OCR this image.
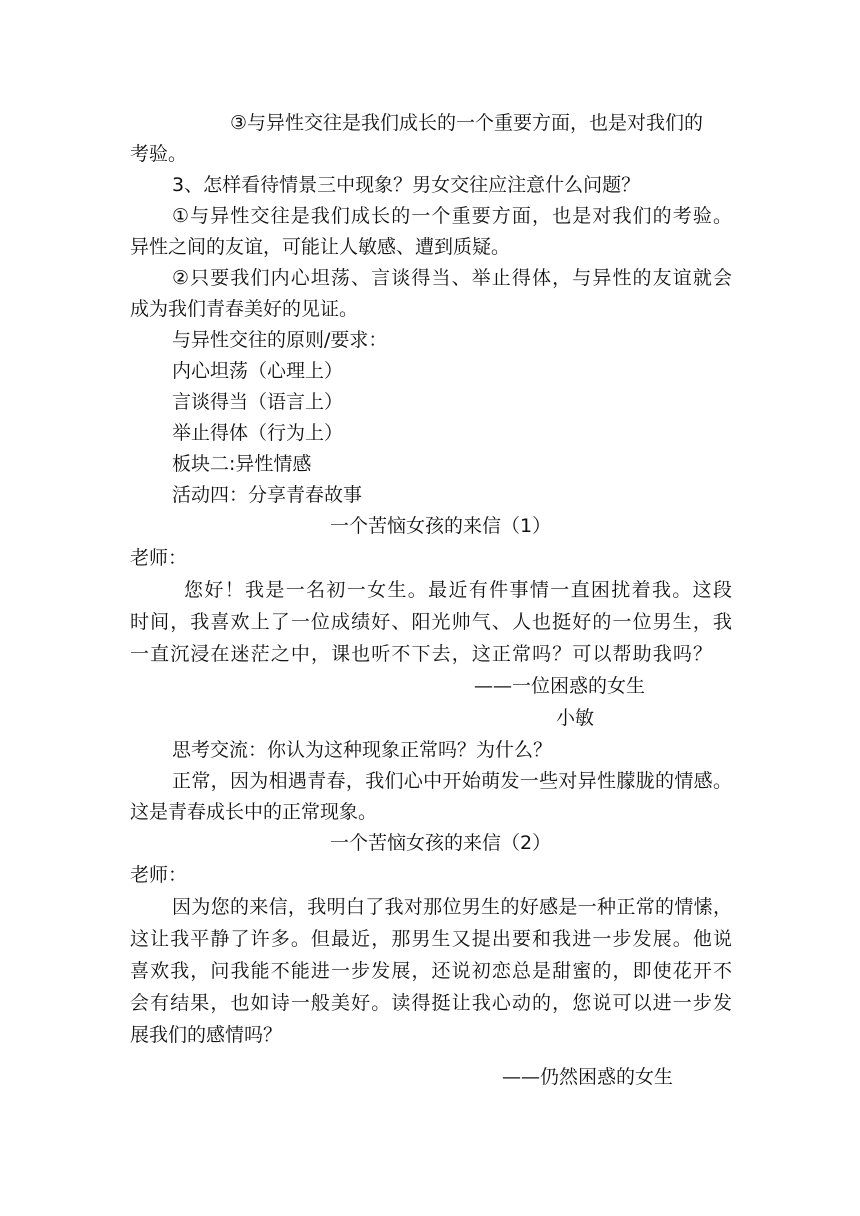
③与异性交往是我们成长的一个重要方面，也是对我们的
考验。
3、怎样看待情景三中现象？男女交往应注意什么问题？
①与异性交往是我们成长的一个重要方面，也是对我们的考验。
异性之间的友谊，可能让人敏感、遭到质疑。
②只要我们内心坦荡、言谈得当、举止得体，与异性的友谊就会
成为我们青春美好的见证。
与异性交往的原则/要求：
内心坦荡（心理上）
言谈得当（语言上）
举止得体（行为上）
板块二:异性情感
活动四：分享青春故事
一个苦恼女孩的来信（1）
老师：
您好！我是一名初一女生。最近有件事情一直困扰着我。这段
时间，我喜欢上了一位成绩好、阳光帅气、人也挺好的一位男生，我
一直沉浸在迷茫之中，课也听不下去，这正常吗？可以帮助我吗？
——一位困惑的女生
小敏
思考交流：你认为这种现象正常吗？为什么？
正常，因为相遇青春，我们心中开始萌发一些对异性朦胧的情感。
这是青春成长中的正常现象。
一个苦恼女孩的来信（2）
老师：
因为您的来信，我明白了我对那位男生的好感是一种正常的情愫，
这让我平静了许多。但最近，那男生又提出要和我进一步发展。他说
喜欢我，问我能不能进一步发展，还说初恋总是甜蜜的，即使花开不
会有结果，也如诗一般美好。读得挺让我心动的，您说可以进一步发
展我们的感情吗？
——仍然困惑的女生
